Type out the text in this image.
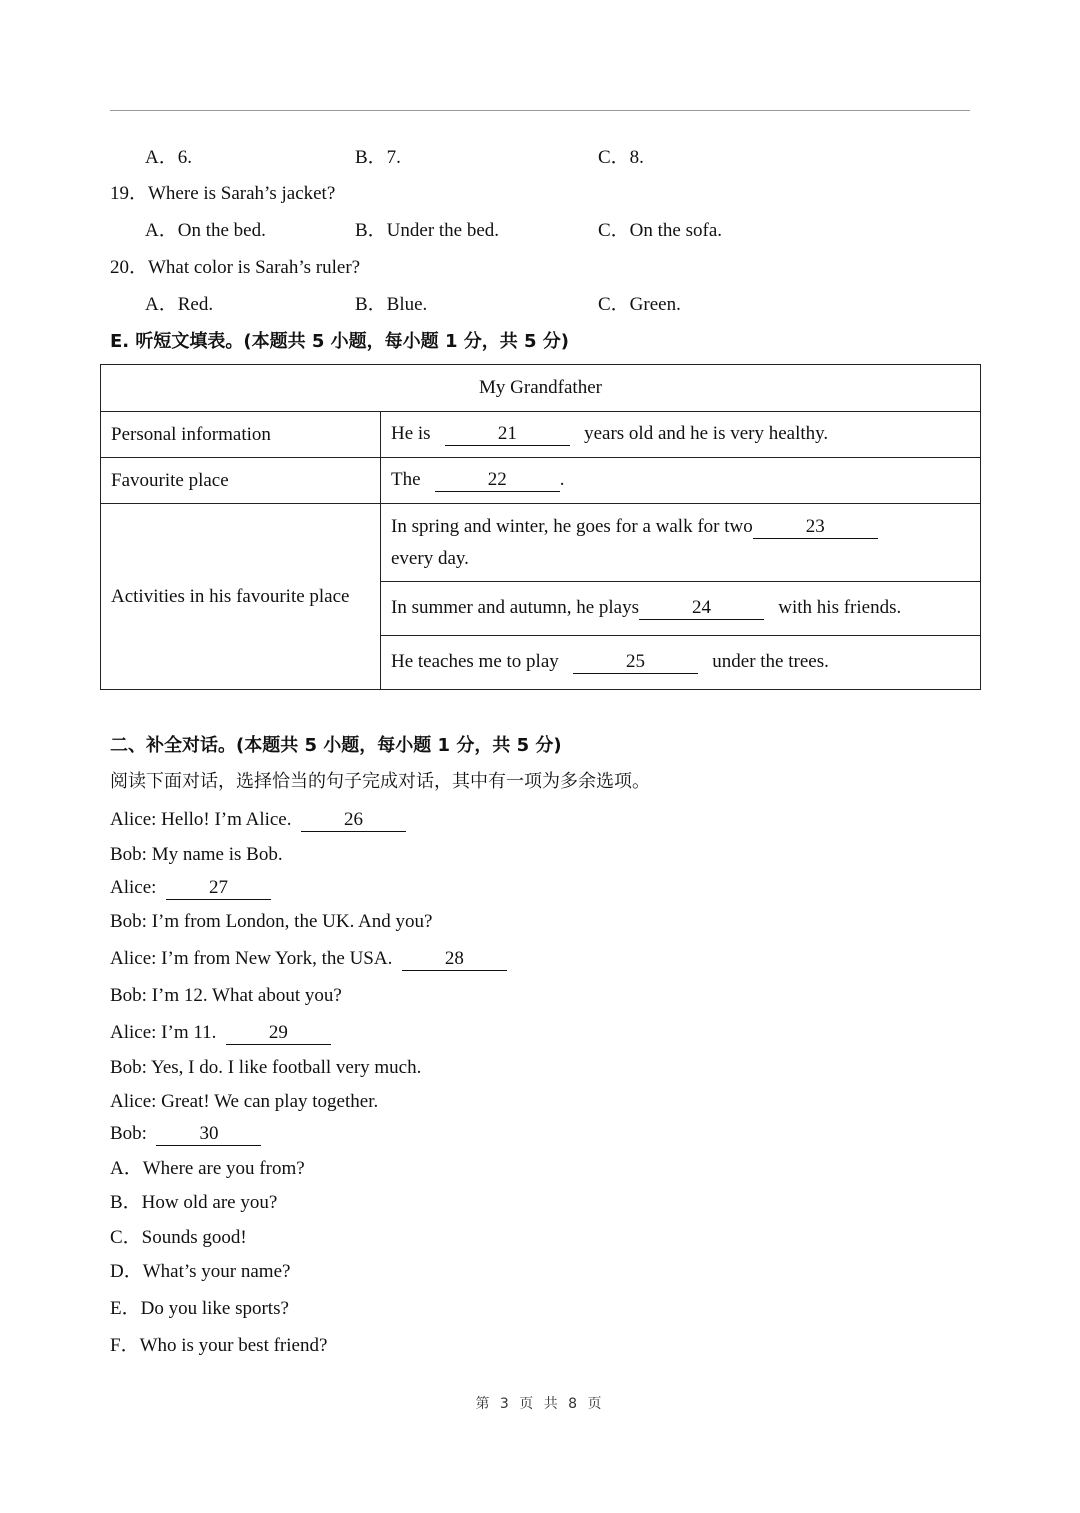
A．6.	B．7.	C．8.
19．Where is Sarah’s jacket?
A．On the bed.	B．Under the bed.	C．On the sofa.
20．What color is Sarah’s ruler?
A．Red.	B．Blue.	C．Green.
E. 听短文填表。(本题共 5 小题，每小题 1 分，共 5 分)
My Grandfather	
Personal information	He is 21 years old and he is very healthy.
Favourite place	The 22 .
Activities in his favourite place	In spring and winter, he goes for a walk for two 23
every day.
	In summer and autumn, he plays 24 with his friends.
	He teaches me to play 25 under the trees.
二、补全对话。(本题共 5 小题，每小题 1 分，共 5 分)
阅读下面对话，选择恰当的句子完成对话，其中有一项为多余选项。
Alice: Hello! I’m Alice.	26
Bob: My name is Bob.
Alice:	27
Bob: I’m from London, the UK. And you?
Alice: I’m from New York, the USA.	28
Bob: I’m 12. What about you?
Alice: I’m 11.	29
Bob: Yes, I do. I like football very much.
Alice: Great! We can play together.
Bob:	30
A．Where are you from?
B．How old are you?
C．Sounds good!
D．What’s your name?
E．Do you like sports?
F．Who is your best friend?
第 3 页 共 8 页
